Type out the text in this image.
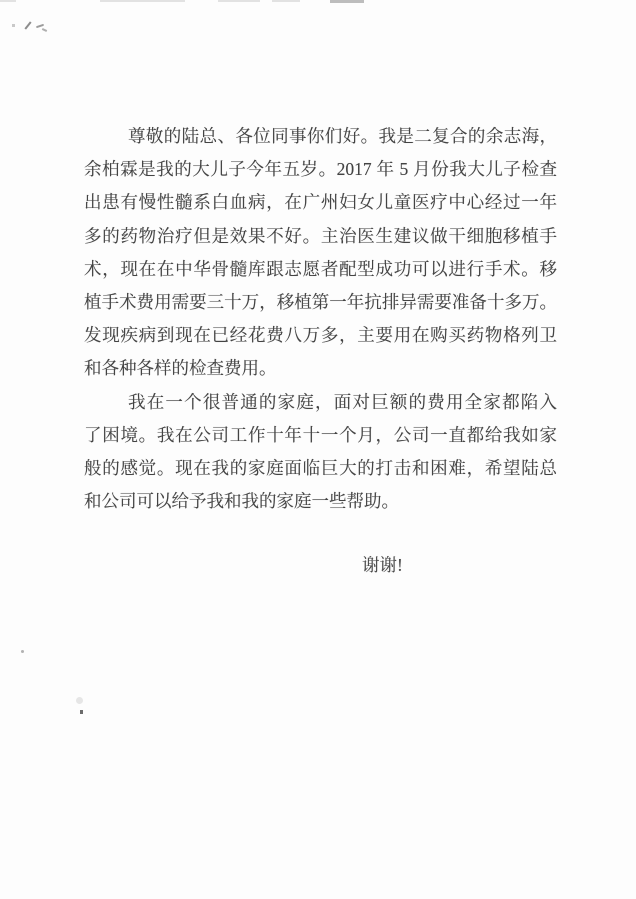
尊敬的陆总、各位同事你们好。我是二复合的余志海，
余柏霖是我的大儿子今年五岁。2017 年 5 月份我大儿子检查
出患有慢性髓系白血病，在广州妇女儿童医疗中心经过一年
多的药物治疗但是效果不好。主治医生建议做干细胞移植手
术，现在在中华骨髓库跟志愿者配型成功可以进行手术。移
植手术费用需要三十万，移植第一年抗排异需要准备十多万。
发现疾病到现在已经花费八万多，主要用在购买药物格列卫
和各种各样的检查费用。
我在一个很普通的家庭，面对巨额的费用全家都陷入
了困境。我在公司工作十年十一个月，公司一直都给我如家
般的感觉。现在我的家庭面临巨大的打击和困难，希望陆总
和公司可以给予我和我的家庭一些帮助。
谢谢!
